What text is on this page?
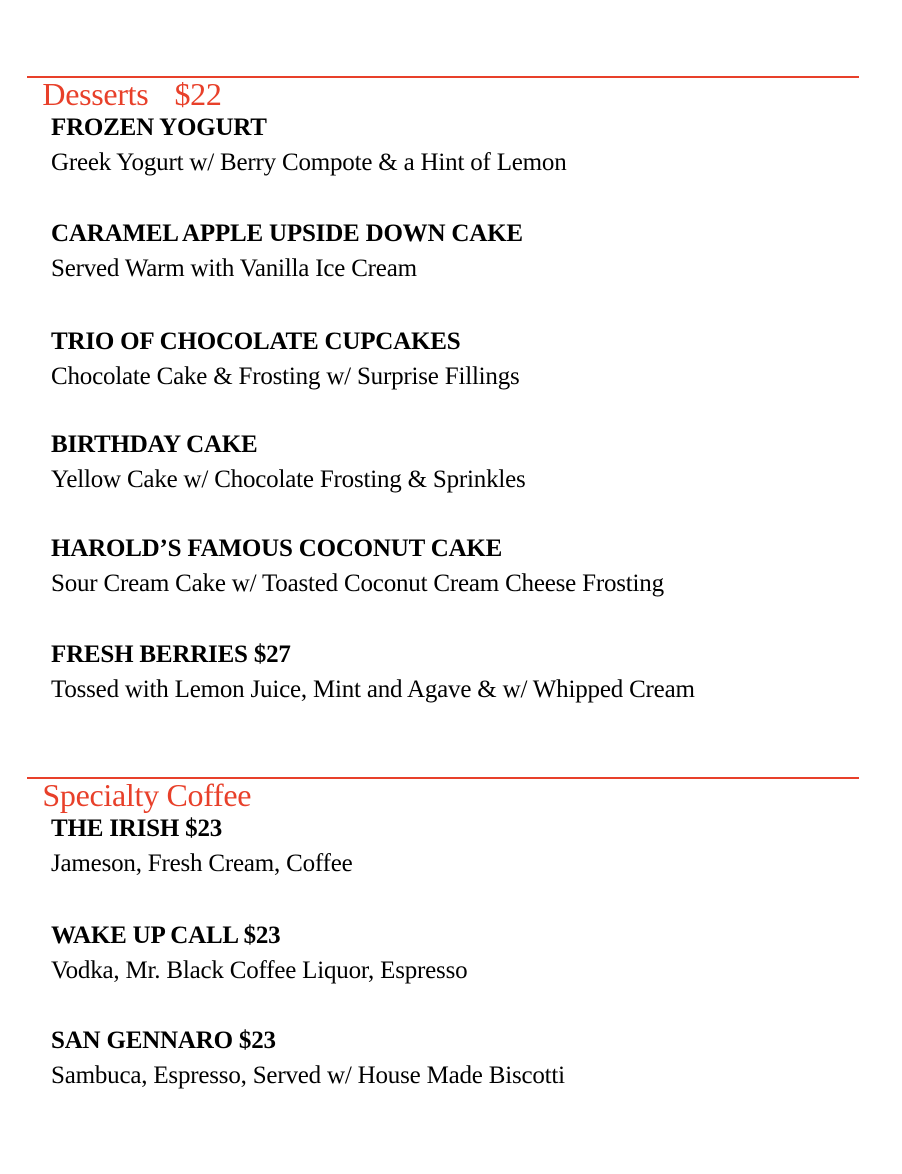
Desserts $22

FROZEN YOGURT
Greek Yogurt w/ Berry Compote & a Hint of Lemon
CARAMEL APPLE UPSIDE DOWN CAKE
Served Warm with Vanilla Ice Cream
TRIO OF CHOCOLATE CUPCAKES
Chocolate Cake & Frosting w/ Surprise Fillings
BIRTHDAY CAKE
Yellow Cake w/ Chocolate Frosting & Sprinkles
HAROLD’S FAMOUS COCONUT CAKE
Sour Cream Cake w/ Toasted Coconut Cream Cheese Frosting
FRESH BERRIES $27
Tossed with Lemon Juice, Mint and Agave & w/ Whipped Cream

Specialty Coffee

THE IRISH $23
Jameson, Fresh Cream, Coffee
WAKE UP CALL $23
Vodka, Mr. Black Coffee Liquor, Espresso
SAN GENNARO $23
Sambuca, Espresso, Served w/ House Made Biscotti
